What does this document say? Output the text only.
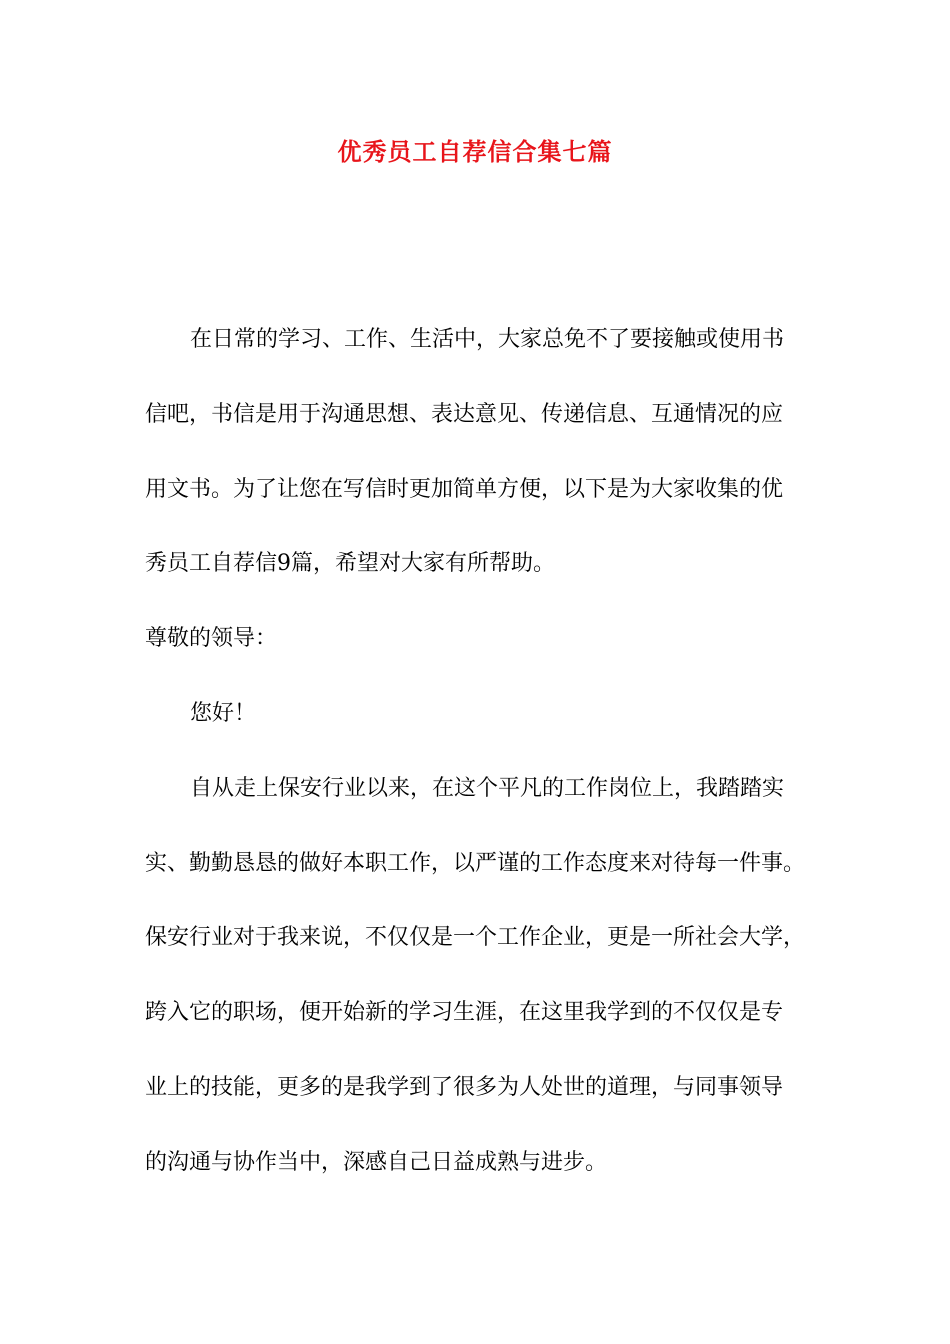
优秀员工自荐信合集七篇
在日常的学习、工作、生活中，大家总免不了要接触或使用书
信吧，书信是用于沟通思想、表达意见、传递信息、互通情况的应
用文书。为了让您在写信时更加简单方便，以下是为大家收集的优
秀员工自荐信9篇，希望对大家有所帮助。
尊敬的领导：
您好！
自从走上保安行业以来，在这个平凡的工作岗位上，我踏踏实
实、勤勤恳恳的做好本职工作，以严谨的工作态度来对待每一件事。
保安行业对于我来说，不仅仅是一个工作企业，更是一所社会大学，
跨入它的职场，便开始新的学习生涯，在这里我学到的不仅仅是专
业上的技能，更多的是我学到了很多为人处世的道理，与同事领导
的沟通与协作当中，深感自己日益成熟与进步。
